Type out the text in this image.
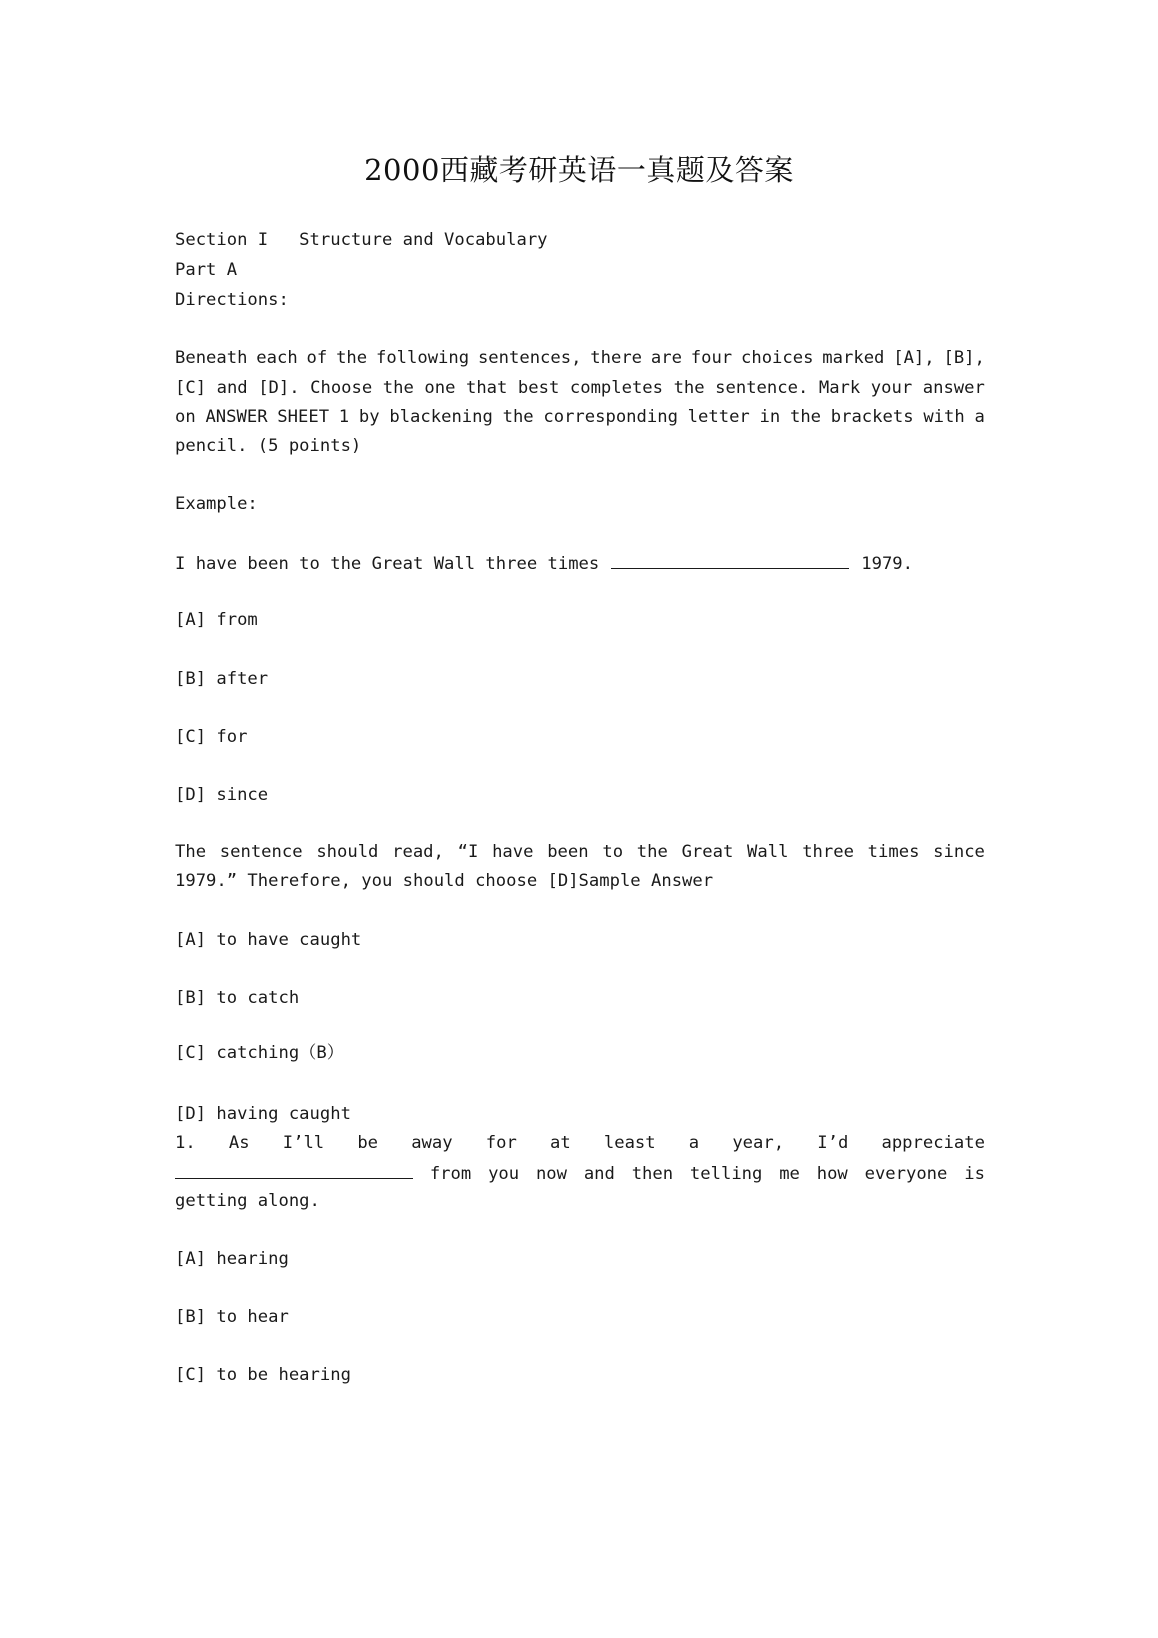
2000西藏考研英语一真题及答案
Section I   Structure and Vocabulary
Part A
Directions:
Beneath each of the following sentences, there are four choices marked [A], [B],
[C] and [D]. Choose the one that best completes the sentence. Mark your answer
on ANSWER SHEET 1 by blackening the corresponding letter in the brackets with a
pencil. (5 points)
Example:
I have been to the Great Wall three times	1979.
[A] from
[B] after
[C] for
[D] since
The sentence should read, “I have been to the Great Wall three times since
1979.” Therefore, you should choose [D]Sample Answer
[A] to have caught
[B] to catch
[C] catching（B）
[D] having caught
1. As I’ll be away for at least a year, I’d appreciate
from you now and then telling me how everyone is
getting along.
[A] hearing
[B] to hear
[C] to be hearing
